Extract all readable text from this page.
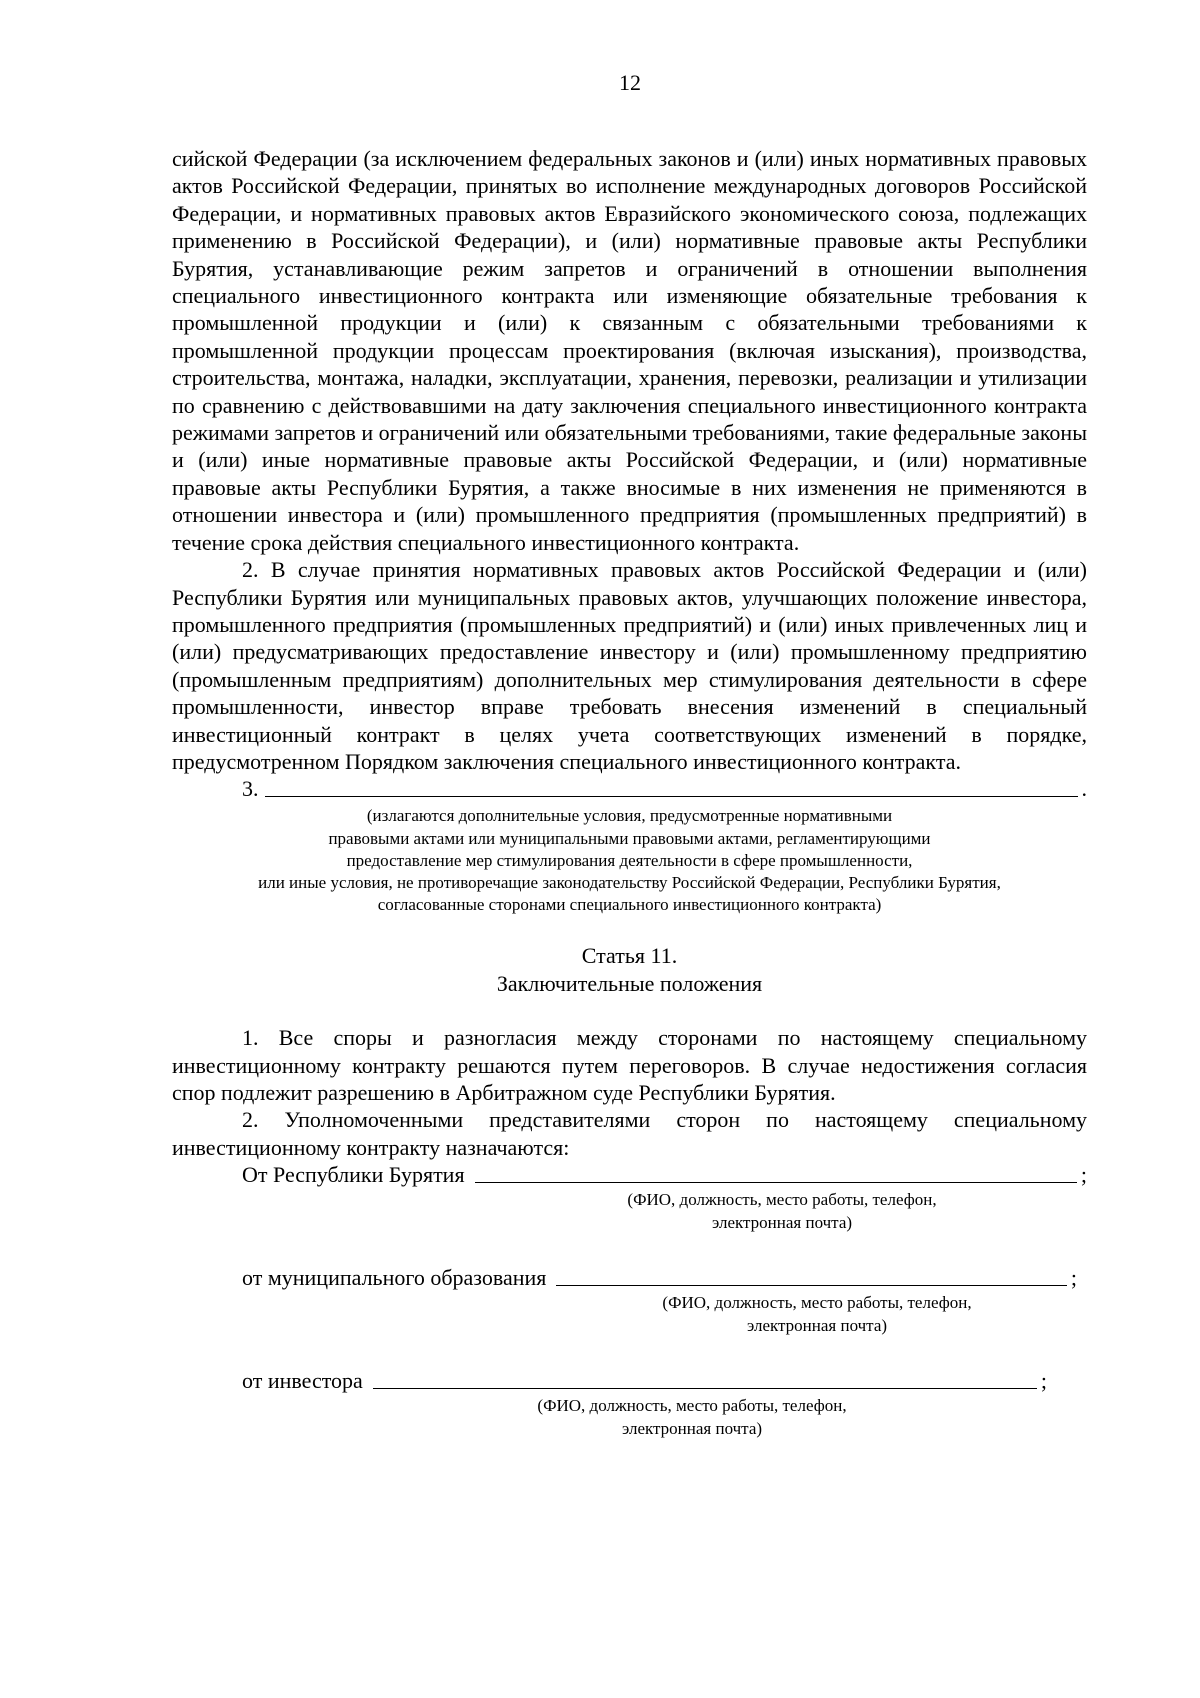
12

сийской Федерации (за исключением федеральных законов и (или) иных нормативных правовых актов Российской Федерации, принятых во исполнение международных договоров Российской Федерации, и нормативных правовых актов Евразийского экономического союза, подлежащих применению в Российской Федерации), и (или) нормативные правовые акты Республики Бурятия, устанавливающие режим запретов и ограничений в отношении выполнения специального инвестиционного контракта или изменяющие обязательные требования к промышленной продукции и (или) к связанным с обязательными требованиями к промышленной продукции процессам проектирования (включая изыскания), производства, строительства, монтажа, наладки, эксплуатации, хранения, перевозки, реализации и утилизации по сравнению с действовавшими на дату заключения специального инвестиционного контракта режимами запретов и ограничений или обязательными требованиями, такие федеральные законы и (или) иные нормативные правовые акты Российской Федерации, и (или) нормативные правовые акты Республики Бурятия, а также вносимые в них изменения не применяются в отношении инвестора и (или) промышленного предприятия (промышленных предприятий) в течение срока действия специального инвестиционного контракта.

2. В случае принятия нормативных правовых актов Российской Федерации и (или) Республики Бурятия или муниципальных правовых актов, улучшающих положение инвестора, промышленного предприятия (промышленных предприятий) и (или) иных привлеченных лиц и (или) предусматривающих предоставление инвестору и (или) промышленному предприятию (промышленным предприятиям) дополнительных мер стимулирования деятельности в сфере промышленности, инвестор вправе требовать внесения изменений в специальный инвестиционный контракт в целях учета соответствующих изменений в порядке, предусмотренном Порядком заключения специального инвестиционного контракта.

3.	.

(излагаются дополнительные условия, предусмотренные нормативными

правовыми актами или муниципальными правовыми актами, регламентирующими

предоставление мер стимулирования деятельности в сфере промышленности,

или иные условия, не противоречащие законодательству Российской Федерации, Республики Бурятия,

согласованные сторонами специального инвестиционного контракта)

Статья 11.

Заключительные положения

1. Все споры и разногласия между сторонами по настоящему специальному инвестиционному контракту решаются путем переговоров. В случае недостижения согласия спор подлежит разрешению в Арбитражном суде Республики Бурятия.

2. Уполномоченными представителями сторон по настоящему специальному инвестиционному контракту назначаются:

От Республики Бурятия	;
(ФИО, должность, место работы, телефон,
электронная почта)
от муниципального образования	;
(ФИО, должность, место работы, телефон,
электронная почта)
от инвестора	;
(ФИО, должность, место работы, телефон,
электронная почта)
